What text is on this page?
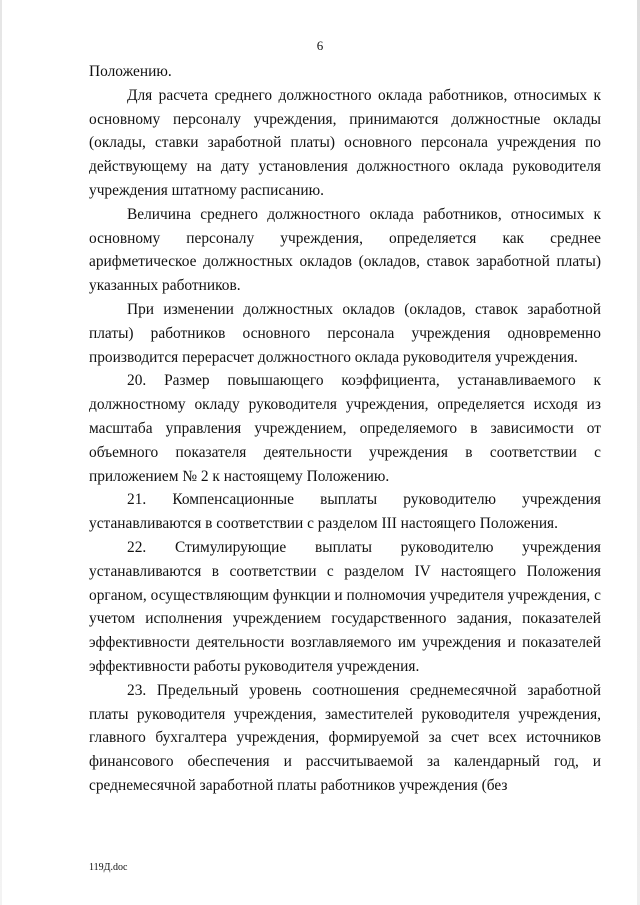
6

Положению.

Для расчета среднего должностного оклада работников, относимых к основному персоналу учреждения, принимаются должностные оклады (оклады, ставки заработной платы) основного персонала учреждения по действующему на дату установления должностного оклада руководителя учреждения штатному расписанию.

Величина среднего должностного оклада работников, относимых к основному персоналу учреждения, определяется как среднее арифметическое должностных окладов (окладов, ставок заработной платы) указанных работников.

При изменении должностных окладов (окладов, ставок заработной платы) работников основного персонала учреждения одновременно производится перерасчет должностного оклада руководителя учреждения.

20. Размер повышающего коэффициента, устанавливаемого к должностному окладу руководителя учреждения, определяется исходя из масштаба управления учреждением, определяемого в зависимости от объемного показателя деятельности учреждения в соответствии с приложением № 2 к настоящему Положению.

21. Компенсационные выплаты руководителю учреждения устанавливаются в соответствии с разделом III настоящего Положения.

22. Стимулирующие выплаты руководителю учреждения устанавливаются в соответствии с разделом IV настоящего Положения органом, осуществляющим функции и полномочия учредителя учреждения, с учетом исполнения учреждением государственного задания, показателей эффективности деятельности возглавляемого им учреждения и показателей эффективности работы руководителя учреждения.

23. Предельный уровень соотношения среднемесячной заработной платы руководителя учреждения, заместителей руководителя учреждения, главного бухгалтера учреждения, формируемой за счет всех источников финансового обеспечения и рассчитываемой за календарный год, и среднемесячной заработной платы работников учреждения (без

119Д.doc
